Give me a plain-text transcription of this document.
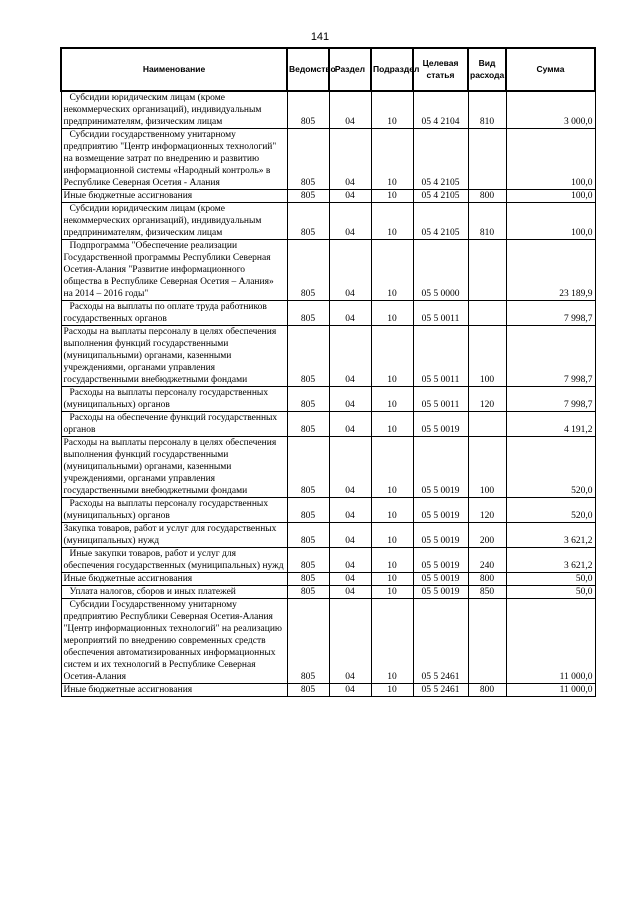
141
Наименование	Ведомство	Раздел	Подраздел	Целевая статья	Вид расхода	Сумма
Субсидии юридическим лицам (кроме некоммерческих организаций), индивидуальным предпринимателям, физическим лицам	805	04	10	05 4 2104	810	3 000,0
Субсидии государственному унитарному предприятию "Центр информационных технологий" на возмещение затрат по внедрению и развитию информационной системы «Народный контроль» в Республике Северная Осетия - Алания	805	04	10	05 4 2105		100,0
Иные бюджетные ассигнования	805	04	10	05 4 2105	800	100,0
Субсидии юридическим лицам (кроме некоммерческих организаций), индивидуальным предпринимателям, физическим лицам	805	04	10	05 4 2105	810	100,0
Подпрограмма "Обеспечение реализации Государственной программы Республики Северная Осетия-Алания "Развитие информационного общества в Республике Северная Осетия – Алания» на 2014 – 2016 годы"	805	04	10	05 5 0000		23 189,9
Расходы на выплаты по оплате труда работников государственных органов	805	04	10	05 5 0011		7 998,7
Расходы на выплаты персоналу в целях обеспечения выполнения функций государственными (муниципальными) органами, казенными учреждениями, органами управления государственными внебюджетными фондами	805	04	10	05 5 0011	100	7 998,7
Расходы на выплаты персоналу государственных (муниципальных) органов	805	04	10	05 5 0011	120	7 998,7
Расходы на обеспечение функций государственных органов	805	04	10	05 5 0019		4 191,2
Расходы на выплаты персоналу в целях обеспечения выполнения функций государственными (муниципальными) органами, казенными учреждениями, органами управления государственными внебюджетными фондами	805	04	10	05 5 0019	100	520,0
Расходы на выплаты персоналу государственных (муниципальных) органов	805	04	10	05 5 0019	120	520,0
Закупка товаров, работ и услуг для государственных (муниципальных) нужд	805	04	10	05 5 0019	200	3 621,2
Иные закупки товаров, работ и услуг для обеспечения государственных (муниципальных) нужд	805	04	10	05 5 0019	240	3 621,2
Иные бюджетные ассигнования	805	04	10	05 5 0019	800	50,0
Уплата налогов, сборов и иных платежей	805	04	10	05 5 0019	850	50,0
Субсидии Государственному унитарному предприятию Республики Северная Осетия-Алания "Центр информационных технологий" на реализацию мероприятий по внедрению современных средств обеспечения автоматизированных информационных систем и их технологий в Республике Северная Осетия-Алания	805	04	10	05 5 2461		11 000,0
Иные бюджетные ассигнования	805	04	10	05 5 2461	800	11 000,0
